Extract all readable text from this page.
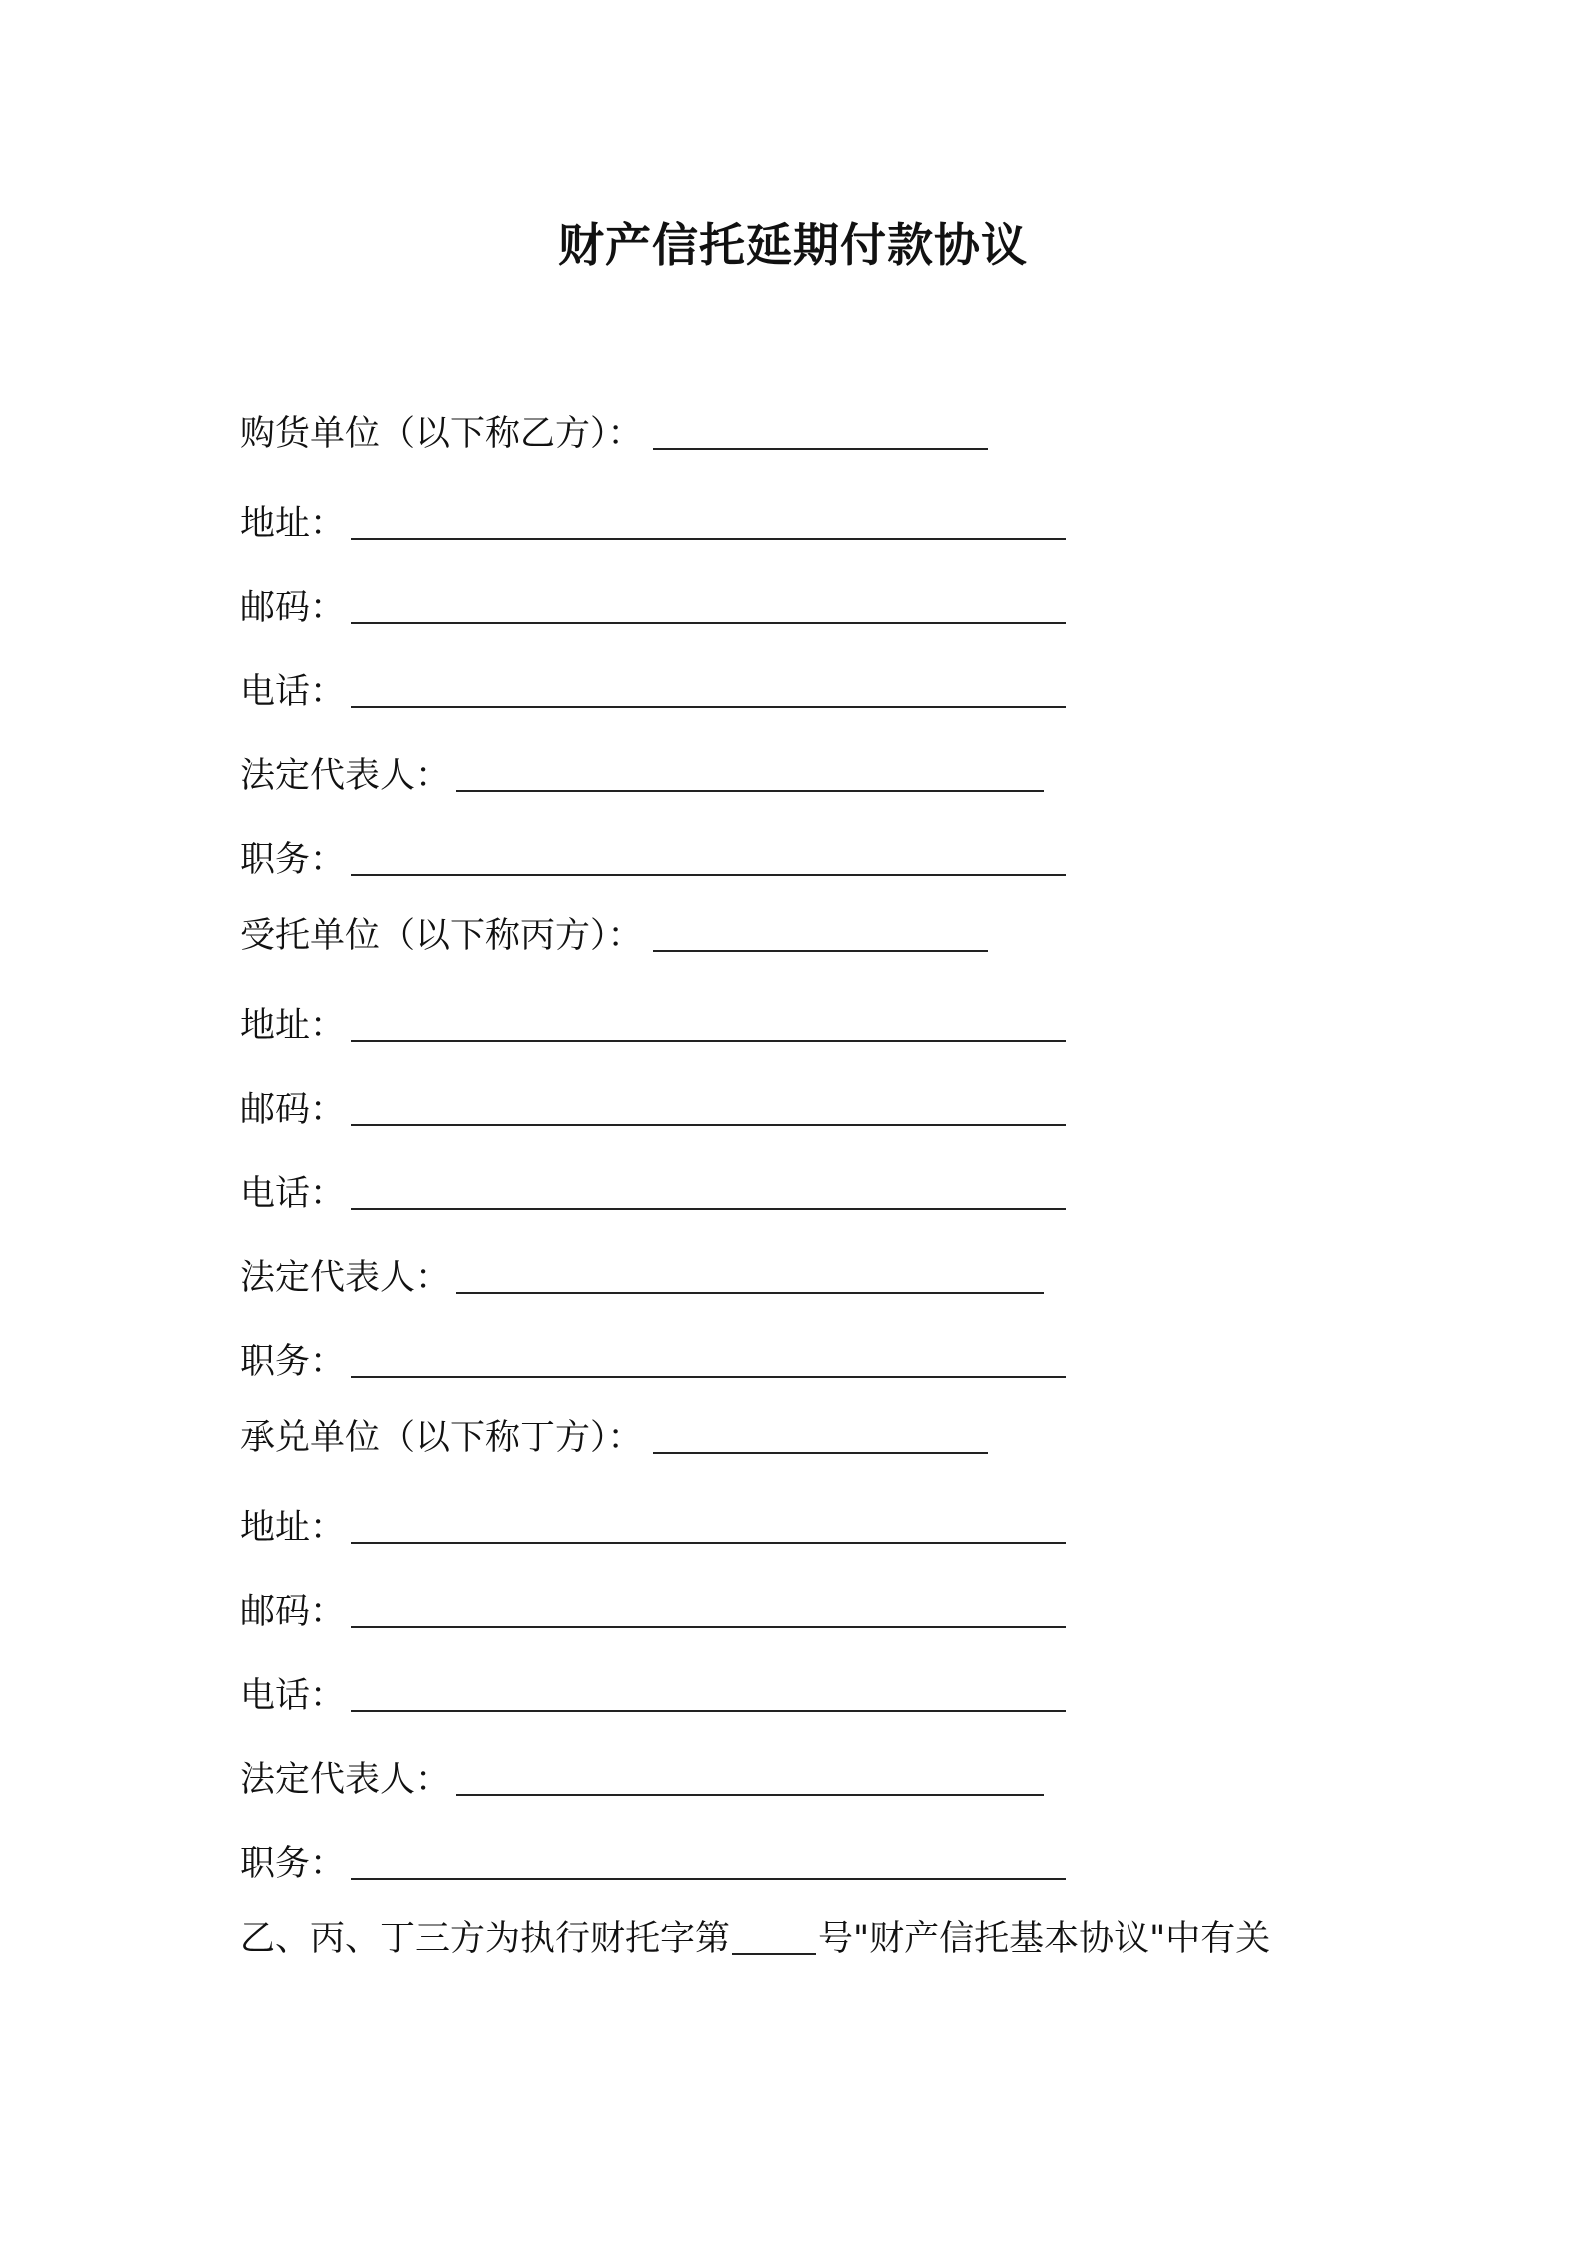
财产信托延期付款协议
购货单位（以下称乙方）：
地址：
邮码：
电话：
法定代表人：
职务：
受托单位（以下称丙方）：
地址：
邮码：
电话：
法定代表人：
职务：
承兑单位（以下称丁方）：
地址：
邮码：
电话：
法定代表人：
职务：
乙、丙、丁三方为执行财托字第	号"财产信托基本协议"中有关
